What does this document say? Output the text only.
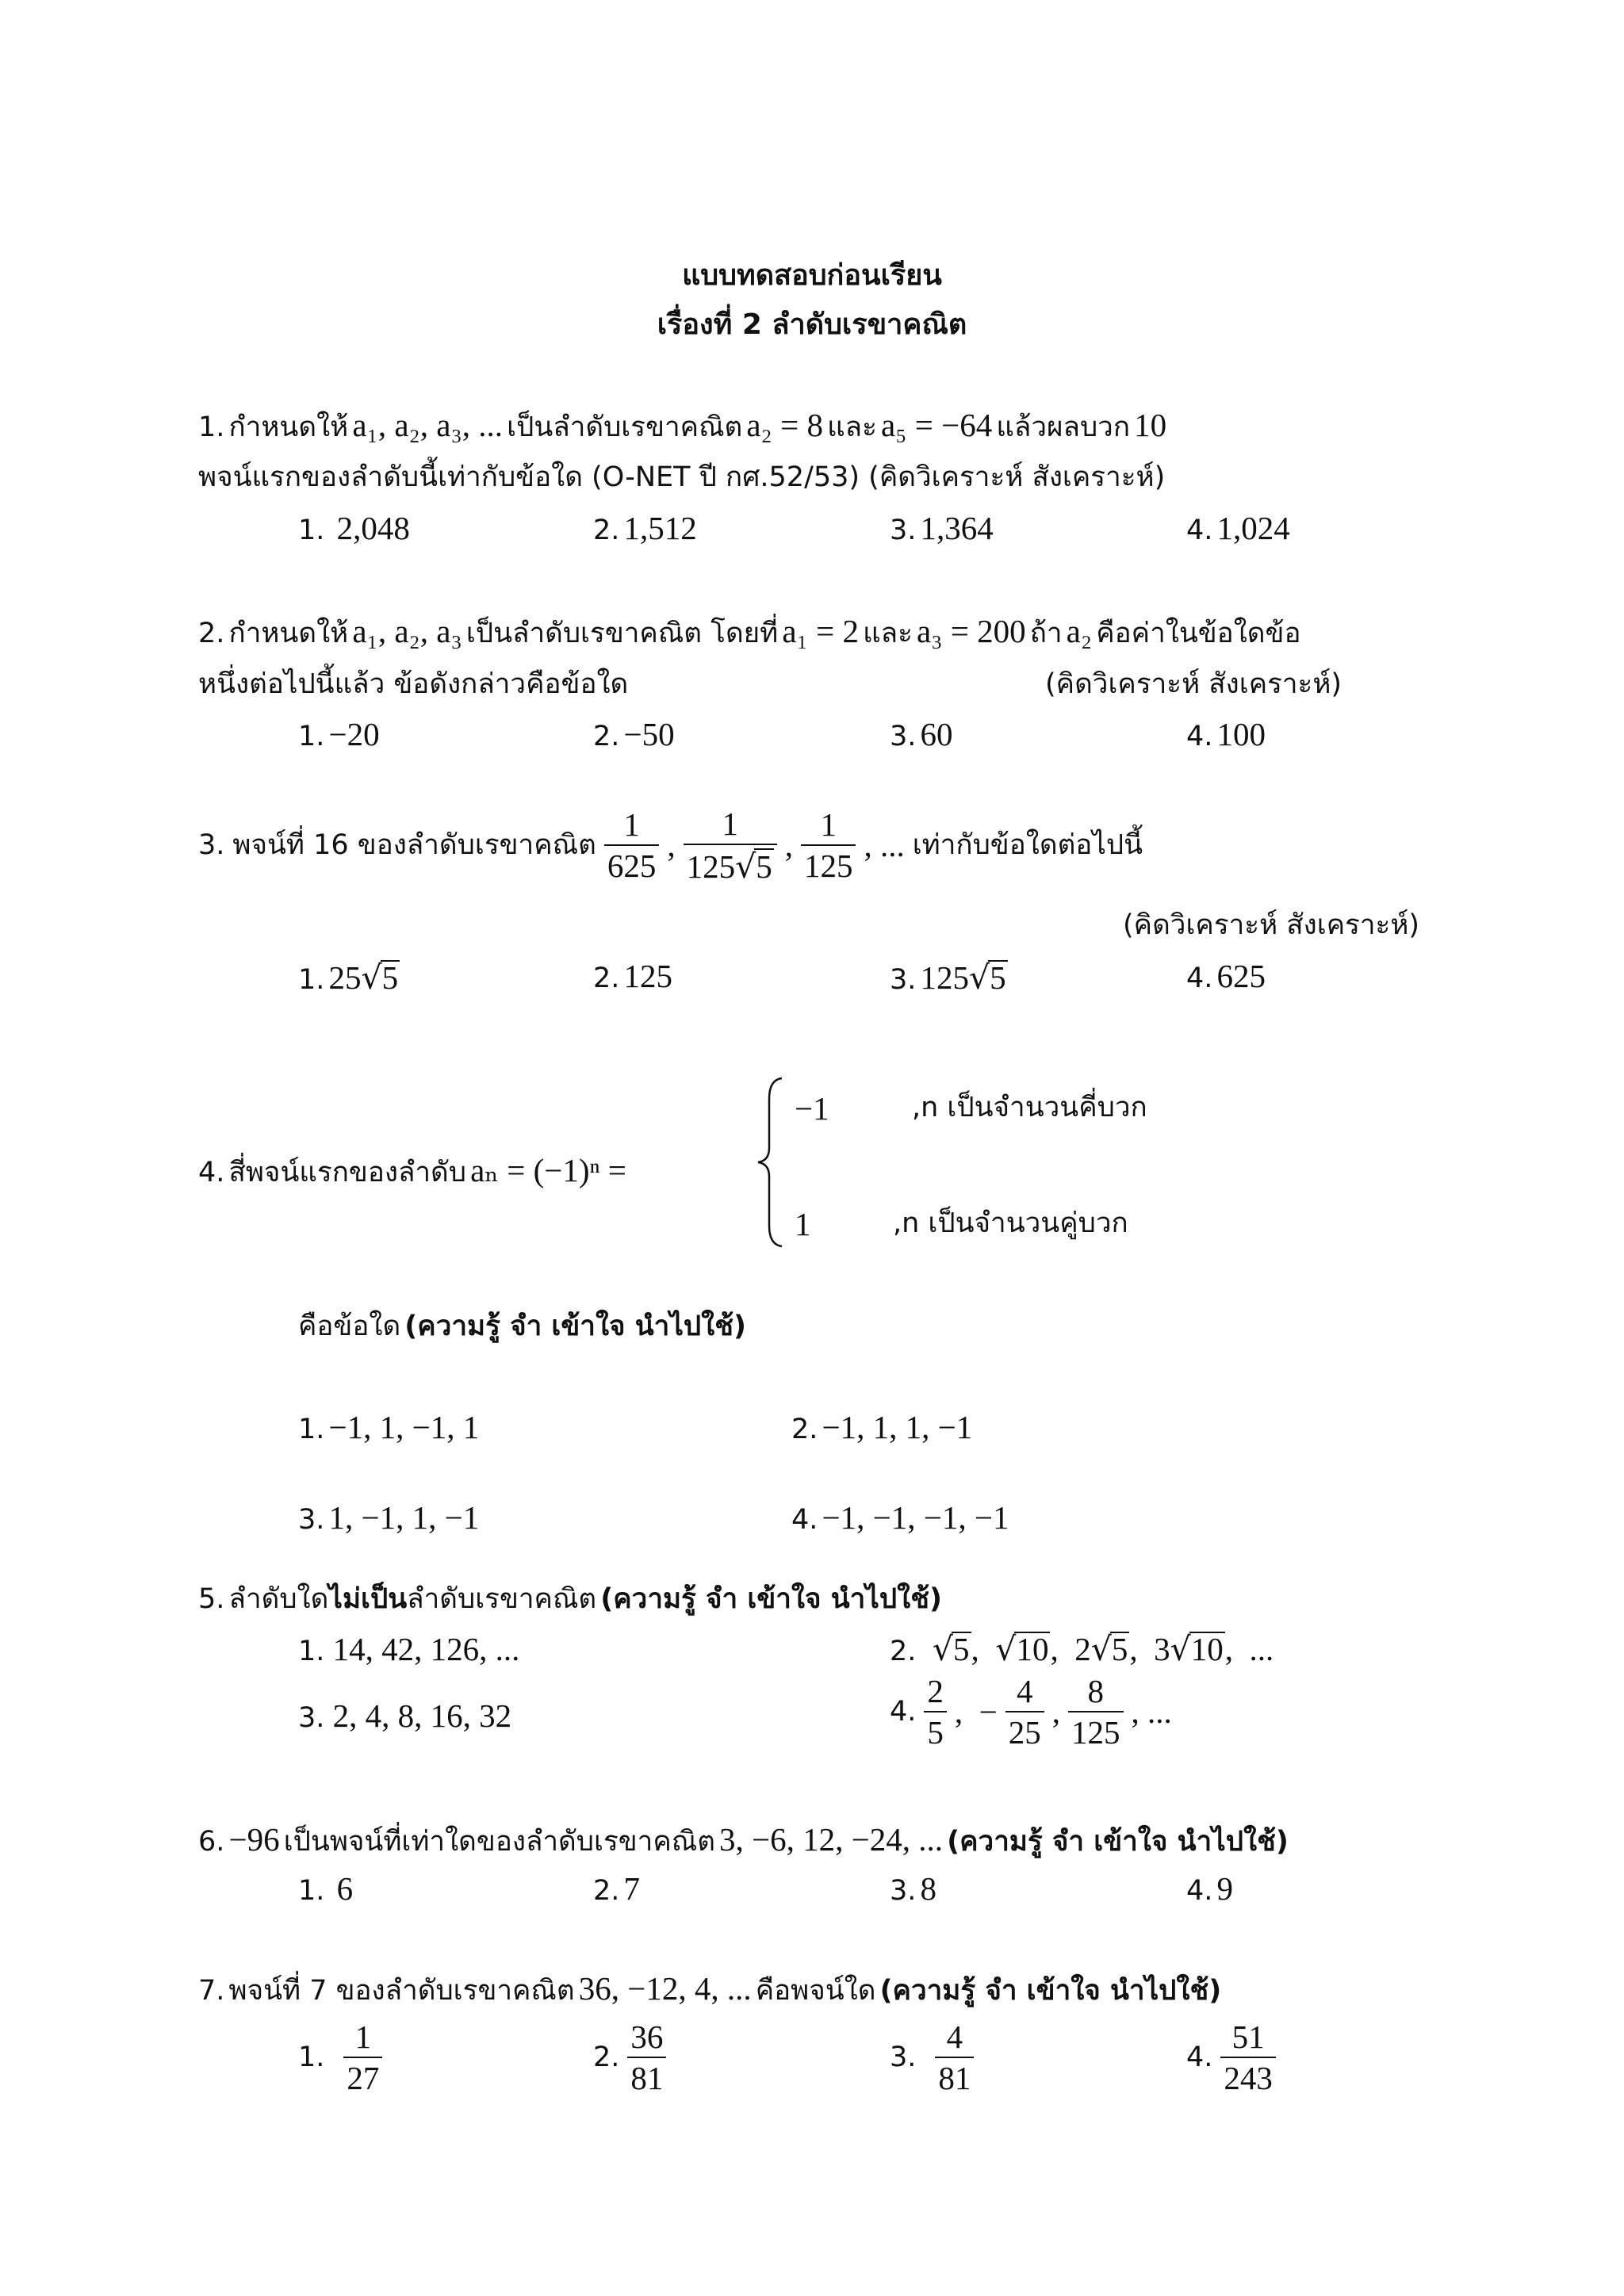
แบบทดสอบก่อนเรียน
เรื่องที่ 2 ลำดับเรขาคณิต
1. กำหนดให้ a₁, a₂, a₃, ... เป็นลำดับเรขาคณิต a₂ = 8 และ a₅ = −64 แล้วผลบวก 10
พจน์แรกของลำดับนี้เท่ากับข้อใด (O-NET ปี กศ.52/53) (คิดวิเคราะห์ สังเคราะห์)
1. 2,048	2. 1,512	3. 1,364	4. 1,024
2. กำหนดให้ a₁, a₂, a₃ เป็นลำดับเรขาคณิต โดยที่ a₁ = 2 และ a₃ = 200 ถ้า a₂ คือค่าในข้อใดข้อ
หนึ่งต่อไปนี้แล้ว ข้อดังกล่าวคือข้อใด	(คิดวิเคราะห์ สังเคราะห์)
1. −20	2. −50	3. 60	4. 100
3. พจน์ที่ 16 ของลำดับเรขาคณิต $\frac{1}{625}$ , $\frac{1}{125√5}$ , $\frac{1}{125}$ , ... เท่ากับข้อใดต่อไปนี้
(คิดวิเคราะห์ สังเคราะห์)
1. 25√5	2. 125	3. 125√5	4. 625
4. สี่พจน์แรกของลำดับ aₙ = (−1)ⁿ =
−1	,n เป็นจำนวนคี่บวก
1	,n เป็นจำนวนคู่บวก
คือข้อใด (ความรู้ จำ เข้าใจ นำไปใช้)
1. −1, 1, −1, 1	2. −1, 1, 1, −1
3. 1, −1, 1, −1	4. −1, −1, −1, −1
5. ลำดับใดไม่เป็นลำดับเรขาคณิต (ความรู้ จำ เข้าใจ นำไปใช้)
1. 14, 42, 126, ...	2. √5,  √10,  2√5,  3√10,  ...
3. 2, 4, 8, 16, 32	4. $\frac{2}{5}$ ,  − $\frac{4}{25}$ , $\frac{8}{125}$ , ...
6. −96 เป็นพจน์ที่เท่าใดของลำดับเรขาคณิต 3, −6, 12, −24, ... (ความรู้ จำ เข้าใจ นำไปใช้)
1. 6	2. 7	3. 8	4. 9
7. พจน์ที่ 7 ของลำดับเรขาคณิต 36, −12, 4, ... คือพจน์ใด (ความรู้ จำ เข้าใจ นำไปใช้)
1. $\frac{1}{27}$	2. $\frac{36}{81}$	3. $\frac{4}{81}$	4. $\frac{51}{243}$
